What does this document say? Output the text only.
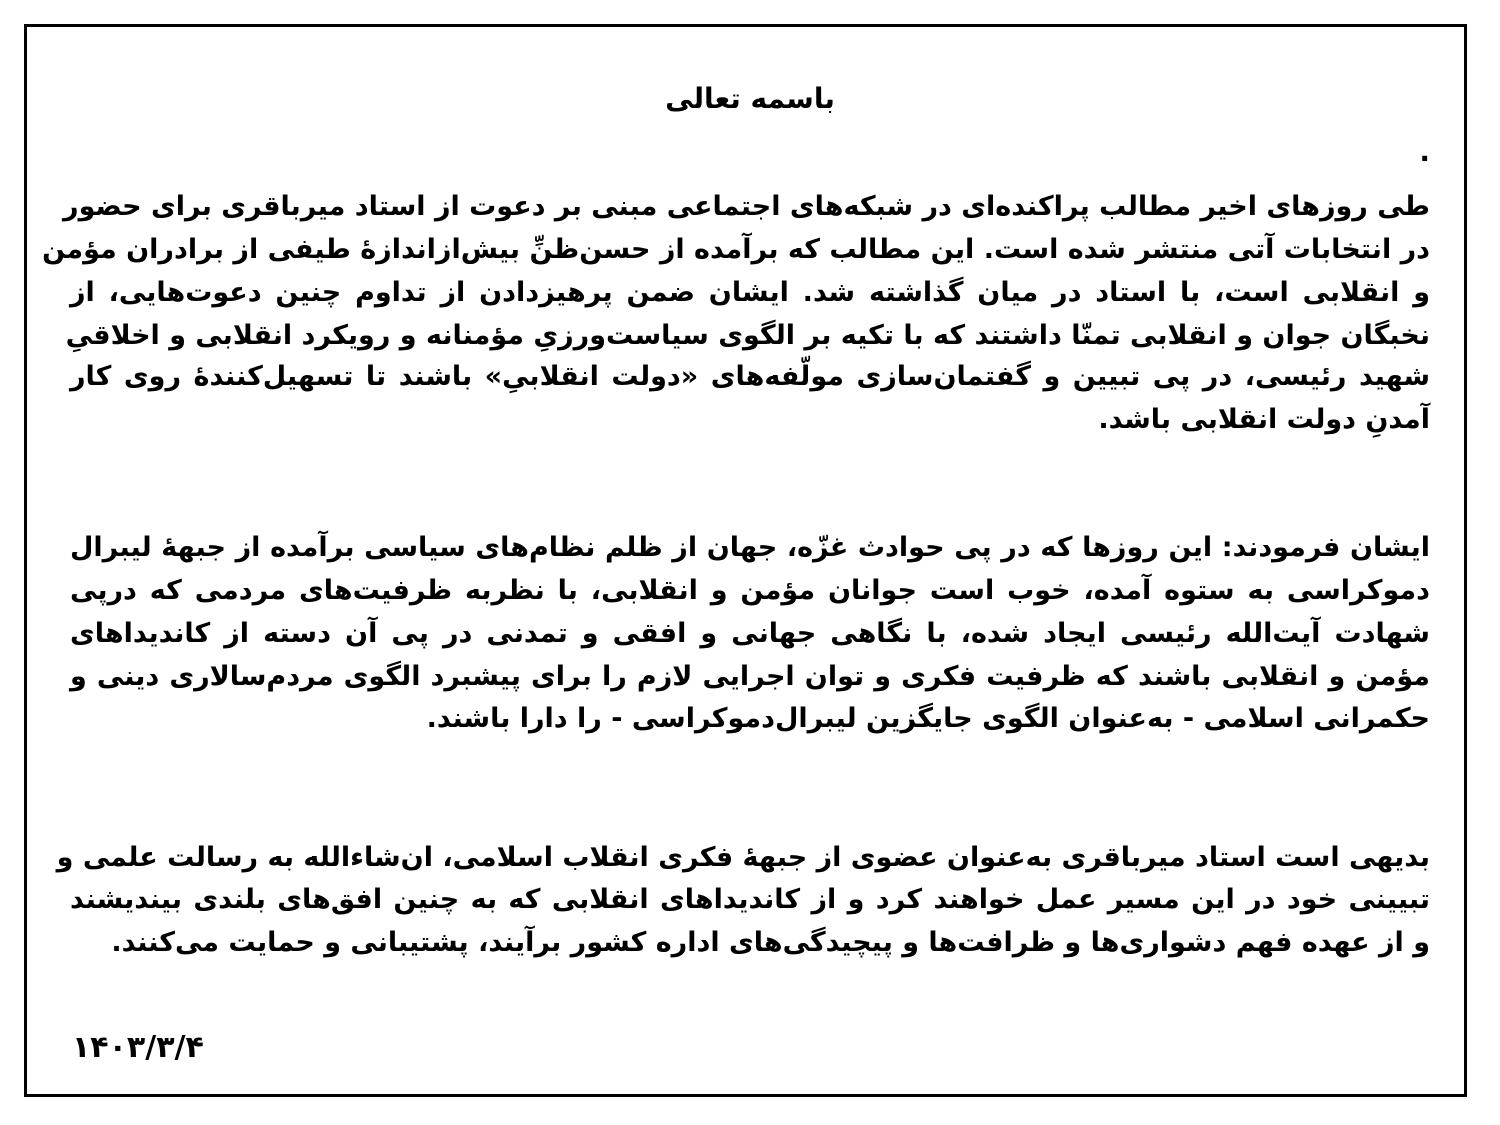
باسمه تعالی
.
طی روزهای اخیر مطالب پراکنده‌ای در شبکه‌های اجتماعی مبنی بر دعوت از استاد میرباقری برای حضور
در انتخابات آتی منتشر شده است. این مطالب که برآمده از حسن‌ظنِّ بیش‌ازاندازۀ طیفی از برادران مؤمن
و انقلابی است، با استاد در میان گذاشته شد. ایشان ضمن پرهیزدادن از تداوم چنین دعوت‌هایی، از
نخبگان جوان و انقلابی تمنّا داشتند که با تکیه بر الگوی سیاست‌ورزیِ مؤمنانه و رویکرد انقلابی و اخلاقیِ
شهید رئیسی، در پی تبیین و گفتمان‌سازی مولّفه‌های «دولت انقلابیِ» باشند تا تسهیل‌کنندۀ روی کار
آمدنِ دولت انقلابی باشد.
ایشان فرمودند: این روزها که در پی حوادث غزّه، جهان از ظلم نظام‌های سیاسی برآمده از جبهۀ لیبرال
دموکراسی به ستوه آمده، خوب است جوانان مؤمن و انقلابی، با نظربه ظرفیت‌های مردمی که درپی
شهادت آیت‌الله رئیسی ایجاد شده، با نگاهی جهانی و افقی و تمدنی در پی آن دسته از کاندیداهای
مؤمن و انقلابی باشند که ظرفیت فکری و توان اجرایی لازم را برای پیشبرد الگوی مردم‌سالاری دینی و
حکمرانی اسلامی - به‌عنوان الگوی جایگزین لیبرال‌دموکراسی - را دارا باشند.
بدیهی است استاد میرباقری به‌عنوان عضوی از جبهۀ فکری انقلاب اسلامی، ان‌شاءالله به رسالت علمی و
تبیینی خود در این مسیر عمل خواهند کرد و از کاندیداهای انقلابی که به چنین افق‌های بلندی بیندیشند
و از عهده فهم دشواری‌ها و ظرافت‌ها و پیچیدگی‌های اداره کشور برآیند، پشتیبانی و حمایت می‌کنند.
۱۴۰۳/۳/۴
